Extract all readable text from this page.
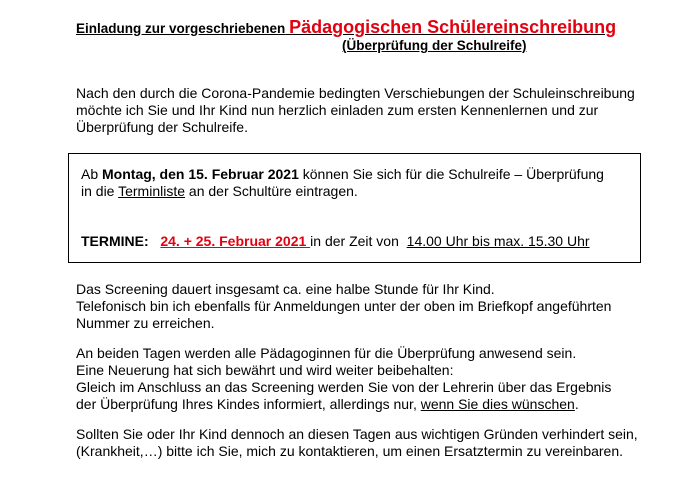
Einladung zur vorgeschriebenen Pädagogischen Schülereinschreibung
(Überprüfung der Schulreife)
Nach den durch die Corona-Pandemie bedingten Verschiebungen der Schuleinschreibung
möchte ich Sie und Ihr Kind nun herzlich einladen zum ersten Kennenlernen und zur
Überprüfung der Schulreife.
Ab Montag, den 15. Februar 2021 können Sie sich für die Schulreife – Überprüfung
in die Terminliste an der Schultüre eintragen.
TERMINE: 24. + 25. Februar 2021 in der Zeit von  14.00 Uhr bis max. 15.30 Uhr
Das Screening dauert insgesamt ca. eine halbe Stunde für Ihr Kind.
Telefonisch bin ich ebenfalls für Anmeldungen unter der oben im Briefkopf angeführten
Nummer zu erreichen.
An beiden Tagen werden alle Pädagoginnen für die Überprüfung anwesend sein.
Eine Neuerung hat sich bewährt und wird weiter beibehalten:
Gleich im Anschluss an das Screening werden Sie von der Lehrerin über das Ergebnis
der Überprüfung Ihres Kindes informiert, allerdings nur, wenn Sie dies wünschen.
Sollten Sie oder Ihr Kind dennoch an diesen Tagen aus wichtigen Gründen verhindert sein,
(Krankheit,…) bitte ich Sie, mich zu kontaktieren, um einen Ersatztermin zu vereinbaren.
